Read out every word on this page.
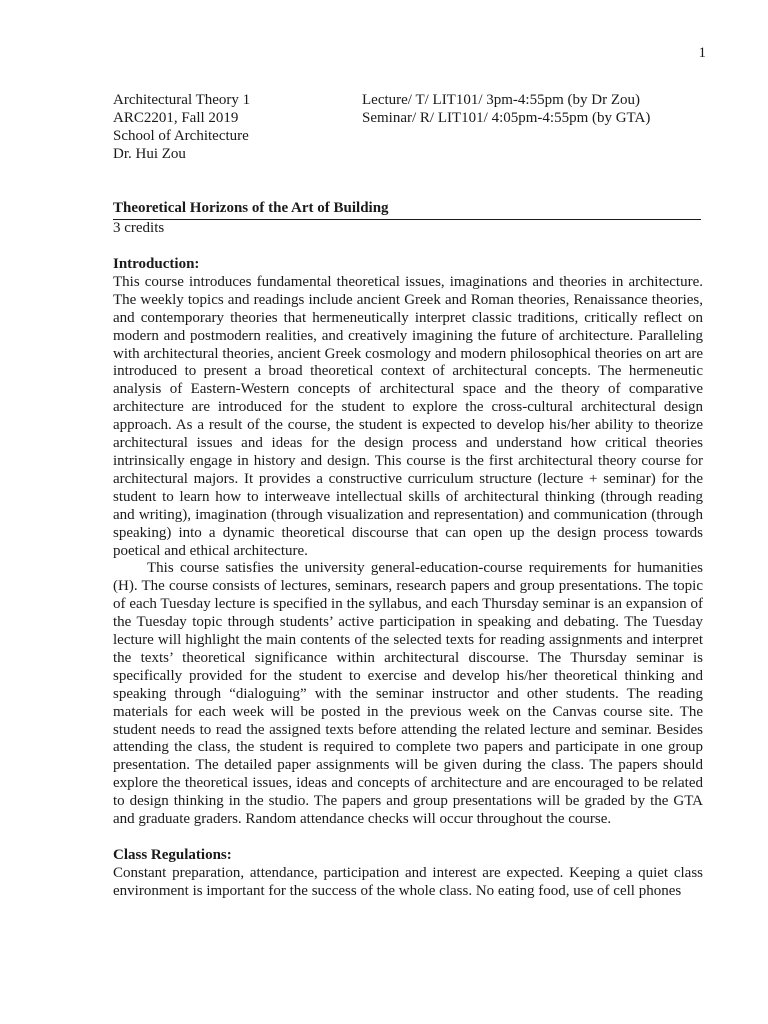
1
Architectural Theory 1
ARC2201, Fall 2019
School of Architecture
Dr. Hui Zou
Lecture/ T/ LIT101/ 3pm-4:55pm (by Dr Zou)
Seminar/ R/ LIT101/ 4:05pm-4:55pm (by GTA)
Theoretical Horizons of the Art of Building
3 credits
Introduction:
This course introduces fundamental theoretical issues, imaginations and theories in architecture. The weekly topics and readings include ancient Greek and Roman theories, Renaissance theories, and contemporary theories that hermeneutically interpret classic traditions, critically reflect on modern and postmodern realities, and creatively imagining the future of architecture. Paralleling with architectural theories, ancient Greek cosmology and modern philosophical theories on art are introduced to present a broad theoretical context of architectural concepts. The hermeneutic analysis of Eastern-Western concepts of architectural space and the theory of comparative architecture are introduced for the student to explore the cross-cultural architectural design approach. As a result of the course, the student is expected to develop his/her ability to theorize architectural issues and ideas for the design process and understand how critical theories intrinsically engage in history and design. This course is the first architectural theory course for architectural majors. It provides a constructive curriculum structure (lecture + seminar) for the student to learn how to interweave intellectual skills of architectural thinking (through reading and writing), imagination (through visualization and representation) and communication (through speaking) into a dynamic theoretical discourse that can open up the design process towards poetical and ethical architecture.
This course satisfies the university general-education-course requirements for humanities (H). The course consists of lectures, seminars, research papers and group presentations. The topic of each Tuesday lecture is specified in the syllabus, and each Thursday seminar is an expansion of the Tuesday topic through students’ active participation in speaking and debating. The Tuesday lecture will highlight the main contents of the selected texts for reading assignments and interpret the texts’ theoretical significance within architectural discourse. The Thursday seminar is specifically provided for the student to exercise and develop his/her theoretical thinking and speaking through “dialoguing” with the seminar instructor and other students. The reading materials for each week will be posted in the previous week on the Canvas course site. The student needs to read the assigned texts before attending the related lecture and seminar. Besides attending the class, the student is required to complete two papers and participate in one group presentation. The detailed paper assignments will be given during the class. The papers should explore the theoretical issues, ideas and concepts of architecture and are encouraged to be related to design thinking in the studio. The papers and group presentations will be graded by the GTA and graduate graders. Random attendance checks will occur throughout the course.
Class Regulations:
Constant preparation, attendance, participation and interest are expected. Keeping a quiet class environment is important for the success of the whole class. No eating food, use of cell phones
